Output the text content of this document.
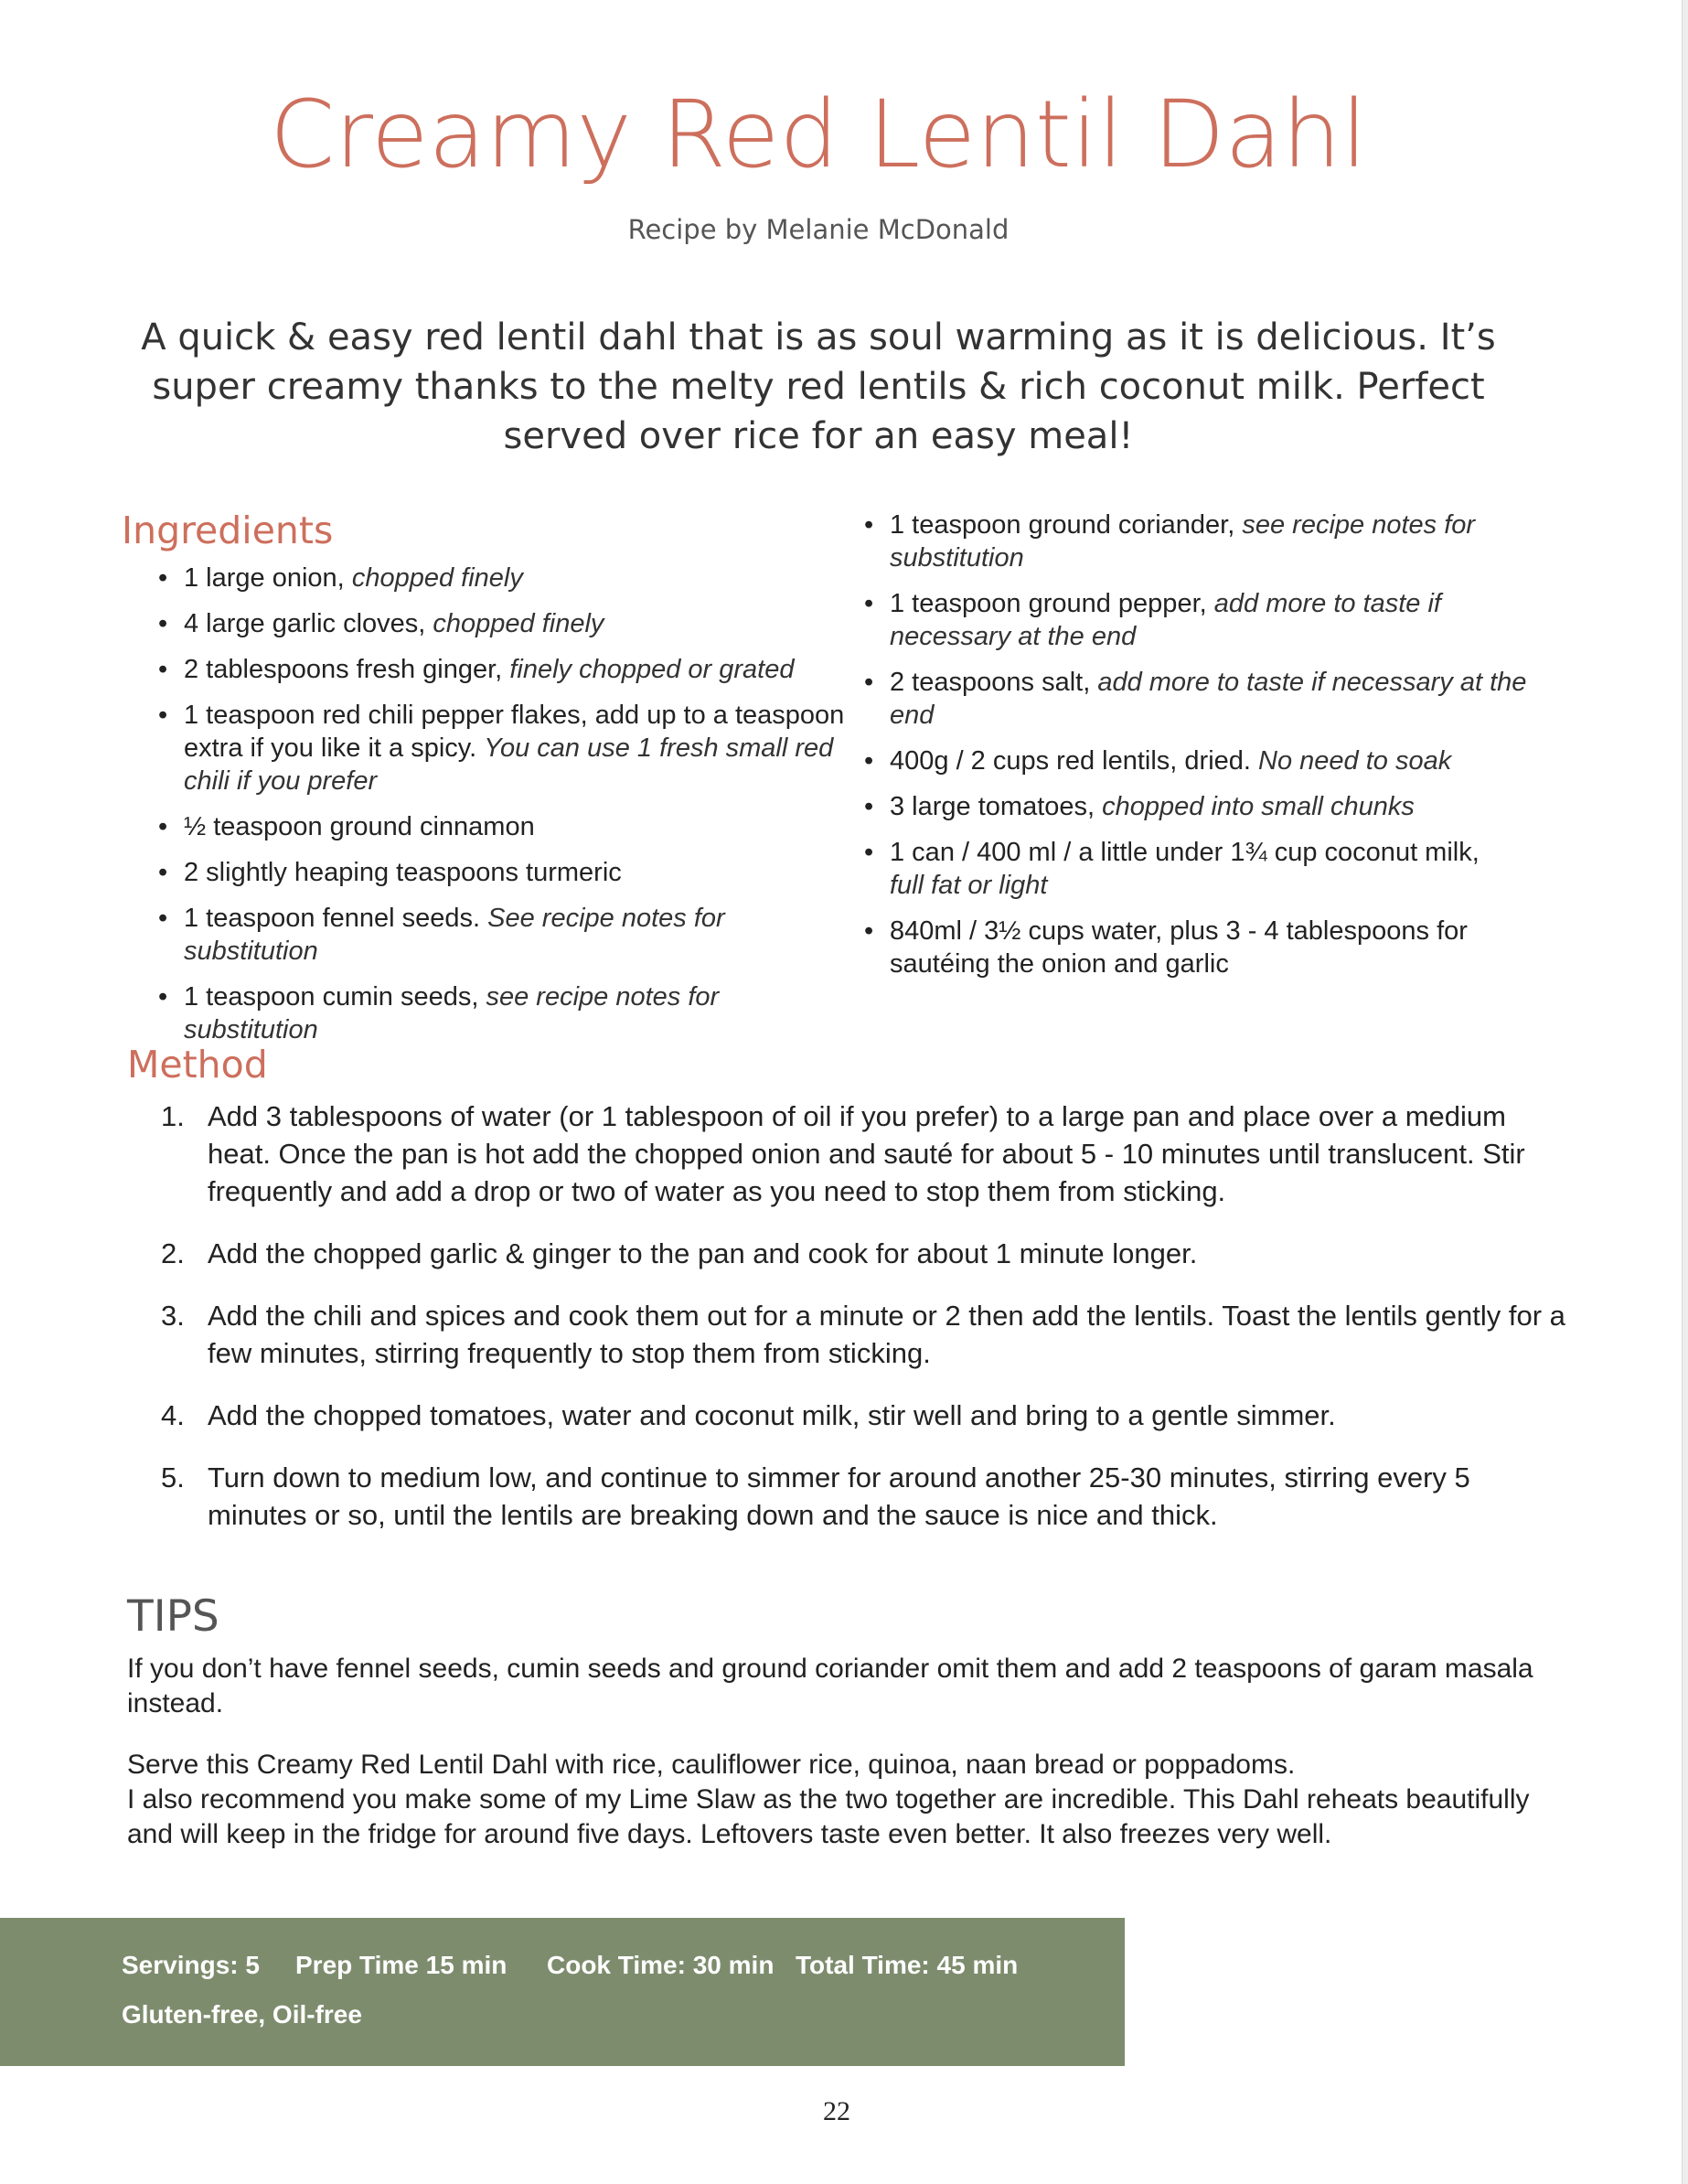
Creamy Red Lentil Dahl
Recipe by Melanie McDonald

A quick & easy red lentil dahl that is as soul warming as it is delicious. It’s super creamy thanks to the melty red lentils & rich coconut milk. Perfect served over rice for an easy meal!

Ingredients
• 1 large onion, chopped finely
• 4 large garlic cloves, chopped finely
• 2 tablespoons fresh ginger, finely chopped or grated
• 1 teaspoon red chili pepper flakes, add up to a teaspoon extra if you like it a spicy. You can use 1 fresh small red chili if you prefer
• ½ teaspoon ground cinnamon
• 2 slightly heaping teaspoons turmeric
• 1 teaspoon fennel seeds. See recipe notes for substitution
• 1 teaspoon cumin seeds, see recipe notes for substitution
• 1 teaspoon ground coriander, see recipe notes for substitution
• 1 teaspoon ground pepper, add more to taste if necessary at the end
• 2 teaspoons salt, add more to taste if necessary at the end
• 400g / 2 cups red lentils, dried. No need to soak
• 3 large tomatoes, chopped into small chunks
• 1 can / 400 ml / a little under 1¾ cup coconut milk,
full fat or light
• 840ml / 3½ cups water, plus 3 - 4 tablespoons for sautéing the onion and garlic
Method
1. Add 3 tablespoons of water (or 1 tablespoon of oil if you prefer) to a large pan and place over a medium heat. Once the pan is hot add the chopped onion and sauté for about 5 - 10 minutes until translucent. Stir frequently and add a drop or two of water as you need to stop them from sticking.
2. Add the chopped garlic & ginger to the pan and cook for about 1 minute longer.
3. Add the chili and spices and cook them out for a minute or 2 then add the lentils. Toast the lentils gently for a few minutes, stirring frequently to stop them from sticking.
4. Add the chopped tomatoes, water and coconut milk, stir well and bring to a gentle simmer.
5. Turn down to medium low, and continue to simmer for around another 25-30 minutes, stirring every 5 minutes or so, until the lentils are breaking down and the sauce is nice and thick.
TIPS

If you don’t have fennel seeds, cumin seeds and ground coriander omit them and add 2 teaspoons of garam masala instead.

Serve this Creamy Red Lentil Dahl with rice, cauliflower rice, quinoa, naan bread or poppadoms.
I also recommend you make some of my Lime Slaw as the two together are incredible. This Dahl reheats beautifully and will keep in the fridge for around five days. Leftovers taste even better. It also freezes very well.

Servings: 5 Prep Time 15 min Cook Time: 30 min Total Time: 45 min
Gluten-free, Oil-free
22
